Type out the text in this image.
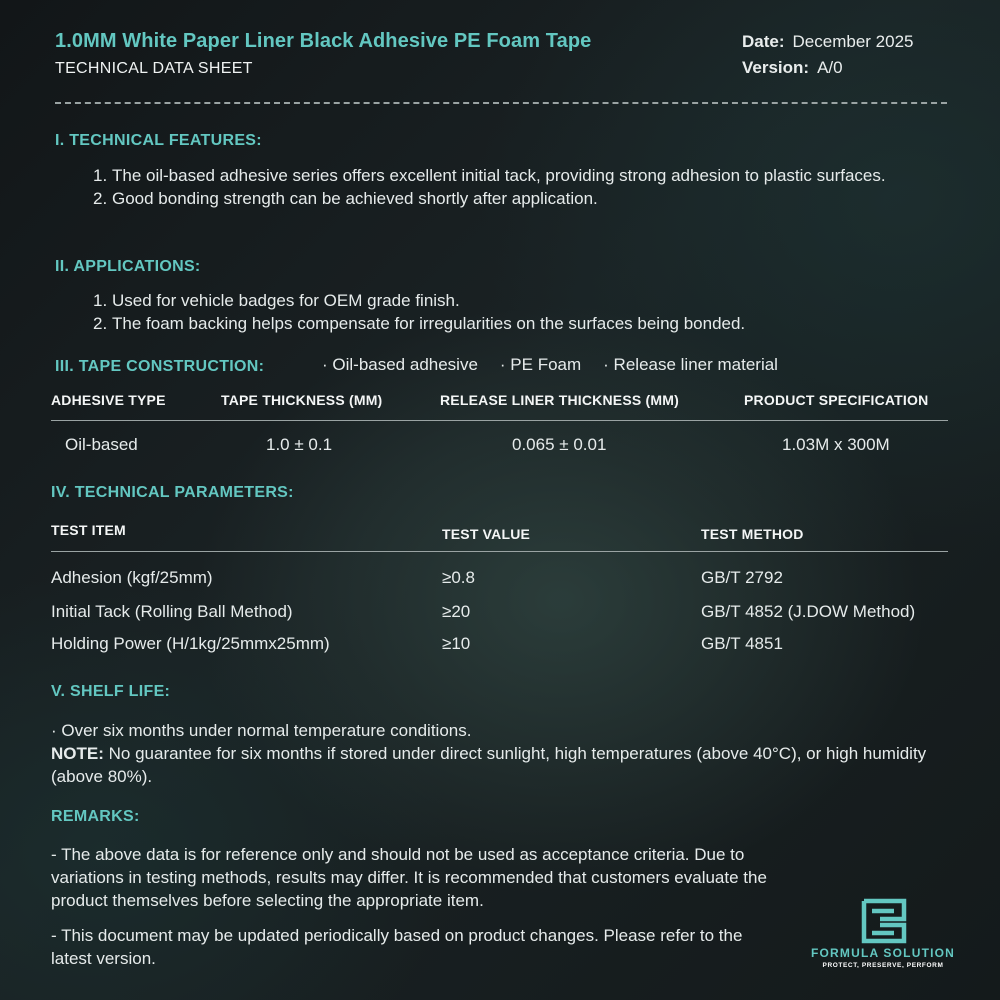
1.0MM White Paper Liner Black Adhesive PE Foam Tape
TECHNICAL DATA SHEET
Date: December 2025
Version: A/0
I. TECHNICAL FEATURES:
1. The oil-based adhesive series offers excellent initial tack, providing strong adhesion to plastic surfaces.
2. Good bonding strength can be achieved shortly after application.
II. APPLICATIONS:
1. Used for vehicle badges for OEM grade finish.
2. The foam backing helps compensate for irregularities on the surfaces being bonded.
III. TAPE CONSTRUCTION:	· Oil-based adhesive · PE Foam · Release liner material
ADHESIVE TYPE	TAPE THICKNESS (MM)	RELEASE LINER THICKNESS (MM)	PRODUCT SPECIFICATION
Oil-based	1.0 ± 0.1	0.065 ± 0.01	1.03M x 300M
IV. TECHNICAL PARAMETERS:
TEST ITEM	TEST VALUE	TEST METHOD
Adhesion (kgf/25mm)	≥0.8	GB/T 2792
Initial Tack (Rolling Ball Method)	≥20	GB/T 4852 (J.DOW Method)
Holding Power (H/1kg/25mmx25mm)	≥10	GB/T 4851
V. SHELF LIFE:
· Over six months under normal temperature conditions.
NOTE: No guarantee for six months if stored under direct sunlight, high temperatures (above 40°C), or high humidity (above 80%).
REMARKS:
- The above data is for reference only and should not be used as acceptance criteria. Due to variations in testing methods, results may differ. It is recommended that customers evaluate the product themselves before selecting the appropriate item.
- This document may be updated periodically based on product changes. Please refer to the latest version.	FORMULA SOLUTION
PROTECT, PRESERVE, PERFORM
